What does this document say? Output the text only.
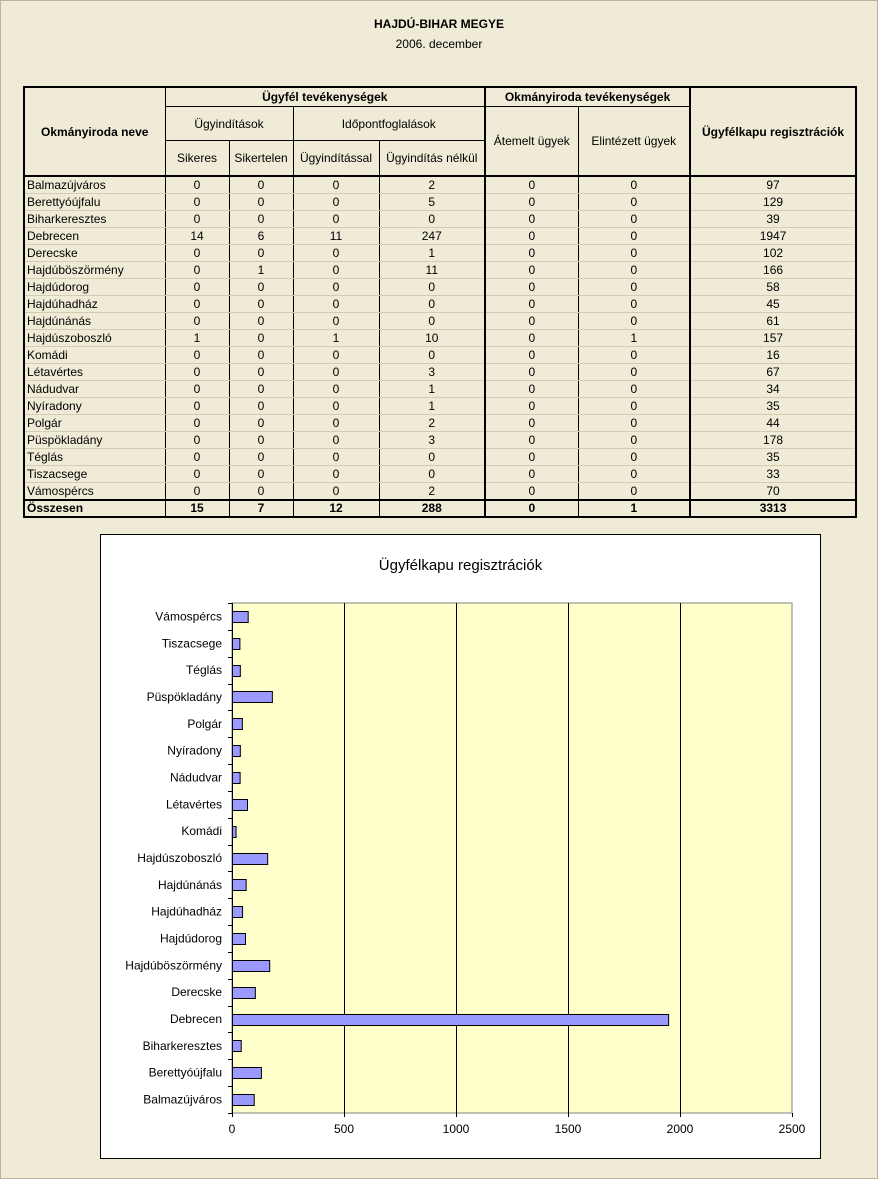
HAJDÚ-BIHAR MEGYE
2006. december
Okmányiroda neve	Ügyfél tevékenységek				Okmányiroda tevékenységek		Ügyfélkapu regisztrációk
	Ügyindítások		Időpontfoglalások		Átemelt ügyek	Elintézett ügyek	
	Sikeres	Sikertelen	Ügyindítással	Ügyindítás nélkül			
Balmazújváros	0	0	0	2	0	0	97
Berettyóújfalu	0	0	0	5	0	0	129
Biharkeresztes	0	0	0	0	0	0	39
Debrecen	14	6	11	247	0	0	1947
Derecske	0	0	0	1	0	0	102
Hajdúböszörmény	0	1	0	11	0	0	166
Hajdúdorog	0	0	0	0	0	0	58
Hajdúhadház	0	0	0	0	0	0	45
Hajdúnánás	0	0	0	0	0	0	61
Hajdúszoboszló	1	0	1	10	0	1	157
Komádi	0	0	0	0	0	0	16
Létavértes	0	0	0	3	0	0	67
Nádudvar	0	0	0	1	0	0	34
Nyíradony	0	0	0	1	0	0	35
Polgár	0	0	0	2	0	0	44
Püspökladány	0	0	0	3	0	0	178
Téglás	0	0	0	0	0	0	35
Tiszacsege	0	0	0	0	0	0	33
Vámospércs	0	0	0	2	0	0	70
Összesen	15	7	12	288	0	1	3313
0	500	1000	1500	2000	2500
Balmazújváros
Berettyóújfalu
Biharkeresztes
Debrecen
Derecske
Hajdúböszörmény
Hajdúdorog
Hajdúhadház
Hajdúnánás
Hajdúszoboszló
Komádi
Létavértes
Nádudvar
Nyíradony
Polgár
Püspökladány
Téglás
Tiszacsege
Vámospércs
Ügyfélkapu regisztrációk
